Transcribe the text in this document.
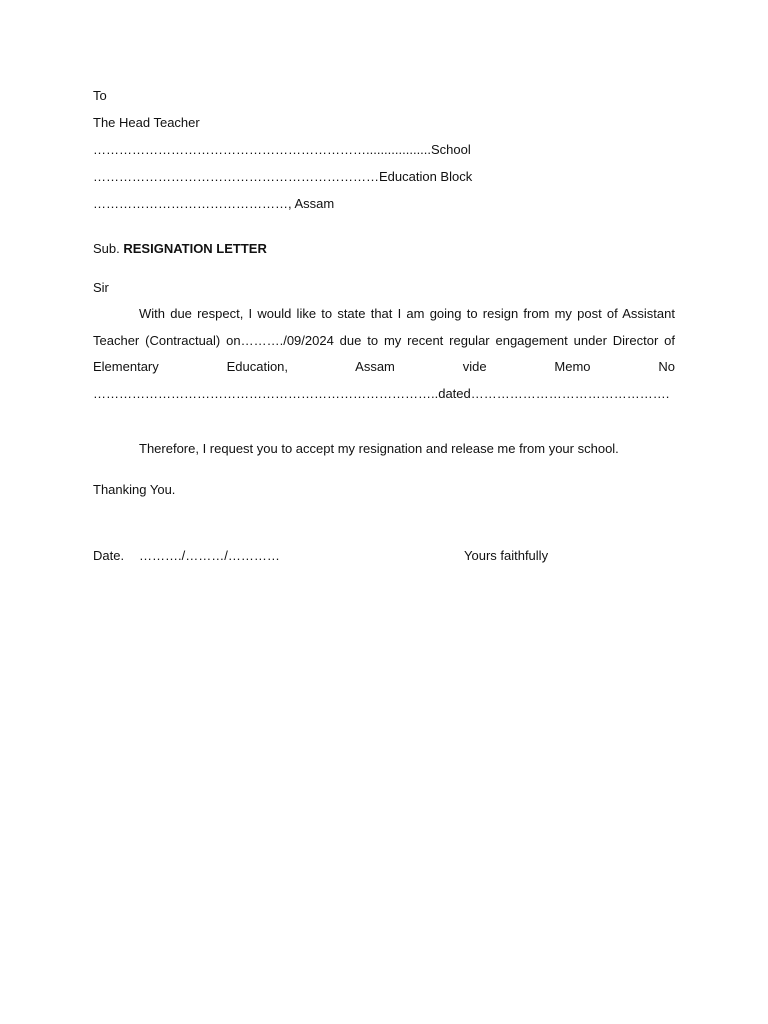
To
The Head Teacher
………………………………………………………..................School
…………………………………………………………Education Block
………………………………………, Assam
Sub. RESIGNATION LETTER
Sir
With due respect, I would like to state that I am going to resign from my post of Assistant Teacher (Contractual) on………./09/2024 due to my recent regular engagement under Director of Elementary Education, Assam vide Memo No ……………………………………………………………………..dated……………………………………….
Therefore, I request you to accept my resignation and release me from your school.
Thanking You.
Date. ………./………/…………	Yours faithfully
